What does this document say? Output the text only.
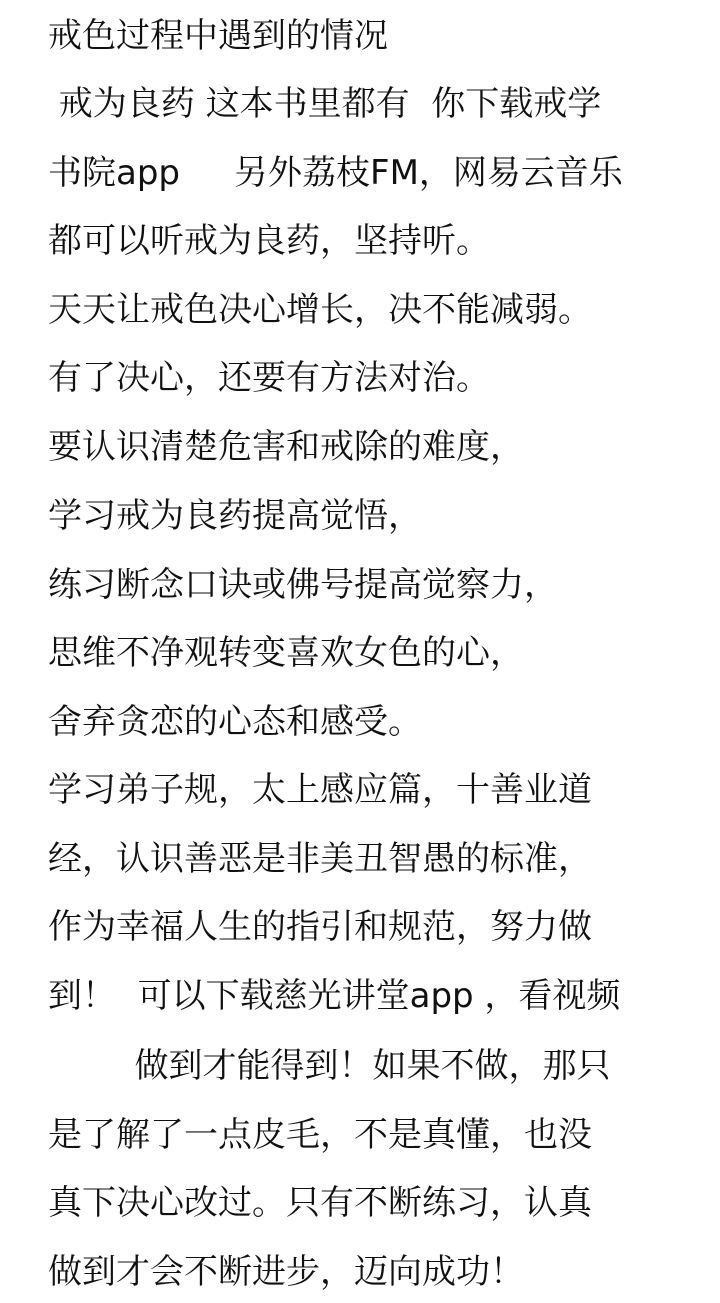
戒色过程中遇到的情况
戒为良药 这本书里都有  你下载戒学
书院app     另外荔枝FM，网易云音乐
都可以听戒为良药，坚持听。
天天让戒色决心增长，决不能减弱。
有了决心，还要有方法对治。
要认识清楚危害和戒除的难度，
学习戒为良药提高觉悟，
练习断念口诀或佛号提高觉察力，
思维不净观转变喜欢女色的心，
舍弃贪恋的心态和感受。
学习弟子规，太上感应篇，十善业道
经，认识善恶是非美丑智愚的标准，
作为幸福人生的指引和规范，努力做
到！  可以下载慈光讲堂app ，看视频
做到才能得到！如果不做，那只
是了解了一点皮毛，不是真懂，也没
真下决心改过。只有不断练习，认真
做到才会不断进步，迈向成功！
